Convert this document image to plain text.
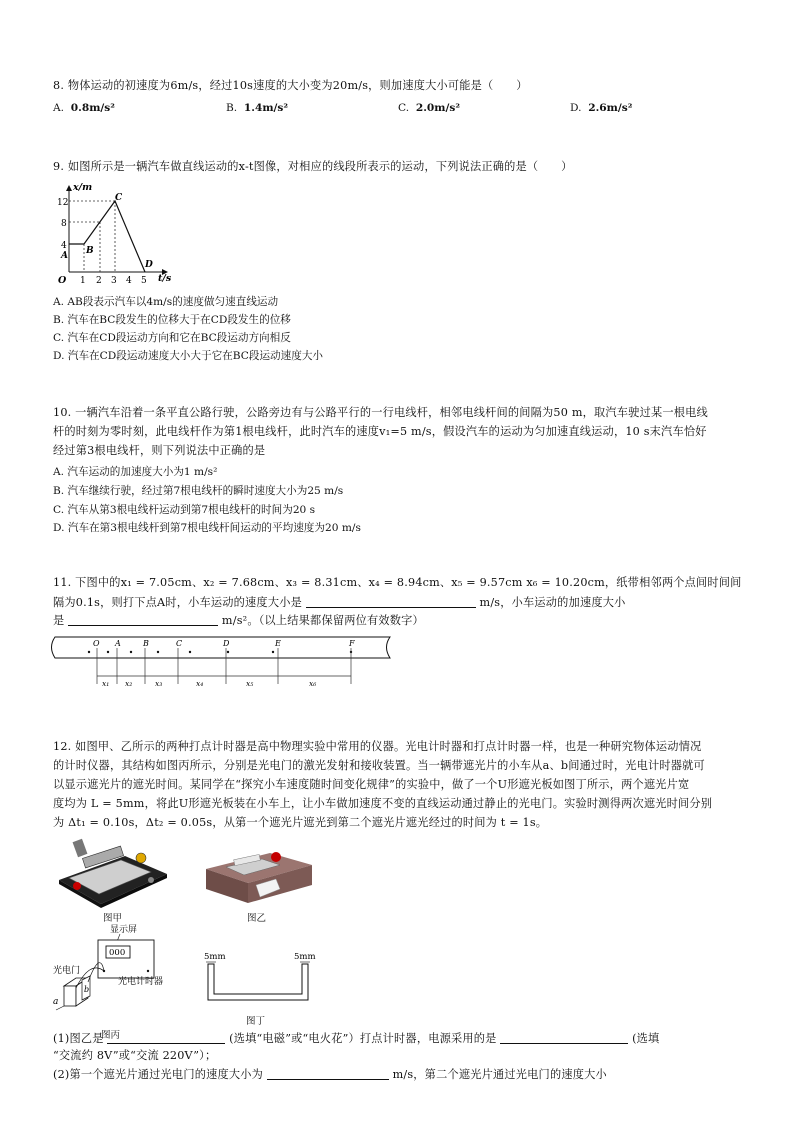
8. 物体运动的初速度为6m/s，经过10s速度的大小变为20m/s，则加速度大小可能是（　　）
A. 0.8m/s²	B. 1.4m/s²	C. 2.0m/s²	D. 2.6m/s²
9. 如图所示是一辆汽车做直线运动的x-t图像，对相应的线段所表示的运动，下列说法正确的是（　　）
x/m
t/s
O
12
8
4
1 2 3 4 5
A B
C
D
A. AB段表示汽车以4m/s的速度做匀速直线运动
B. 汽车在BC段发生的位移大于在CD段发生的位移
C. 汽车在CD段运动方向和它在BC段运动方向相反
D. 汽车在CD段运动速度大小大于它在BC段运动速度大小
10. 一辆汽车沿着一条平直公路行驶，公路旁边有与公路平行的一行电线杆，相邻电线杆间的间隔为50 m，取汽车驶过某一根电线
杆的时刻为零时刻，此电线杆作为第1根电线杆，此时汽车的速度v₁=5 m/s，假设汽车的运动为匀加速直线运动，10 s末汽车恰好
经过第3根电线杆，则下列说法中正确的是
A. 汽车运动的加速度大小为1 m/s²
B. 汽车继续行驶，经过第7根电线杆的瞬时速度大小为25 m/s
C. 汽车从第3根电线杆运动到第7根电线杆的时间为20 s
D. 汽车在第3根电线杆到第7根电线杆间运动的平均速度为20 m/s
11. 下图中的x₁ = 7.05cm、x₂ = 7.68cm、x₃ = 8.31cm、x₄ = 8.94cm、x₅ = 9.57cm x₆ = 10.20cm，纸带相邻两个点间时间间
隔为0.1s，则打下点A时，小车运动的速度大小是	m/s，小车运动的加速度大小
是	m/s²。（以上结果都保留两位有效数字）
O A	B	C	D	E	F
x₁ x₂	x₃	x₄	x₅	x₆
12. 如图甲、乙所示的两种打点计时器是高中物理实验中常用的仪器。光电计时器和打点计时器一样，也是一种研究物体运动情况
的计时仪器，其结构如图丙所示，分别是光电门的激光发射和接收装置。当一辆带遮光片的小车从a、b间通过时，光电计时器就可
以显示遮光片的遮光时间。某同学在“探究小车速度随时间变化规律”的实验中，做了一个U形遮光板如图丁所示，两个遮光片宽
度均为 L = 5mm，将此U形遮光板装在小车上，让小车做加速度不变的直线运动通过静止的光电门。实验时测得两次遮光时间分别
为 Δt₁ = 0.10s，Δt₂ = 0.05s，从第一个遮光片遮光到第二个遮光片遮光经过的时间为 t = 1s。
图甲	图乙
显示屏
000
光电门
光电计时器
b
a
图丙
5mm	5mm
图丁
(1)图乙是	(选填“电磁”或“电火花”）打点计时器，电源采用的是	(选填
“交流约 8V”或“交流 220V”）；
(2)第一个遮光片通过光电门的速度大小为	m/s，第二个遮光片通过光电门的速度大小
